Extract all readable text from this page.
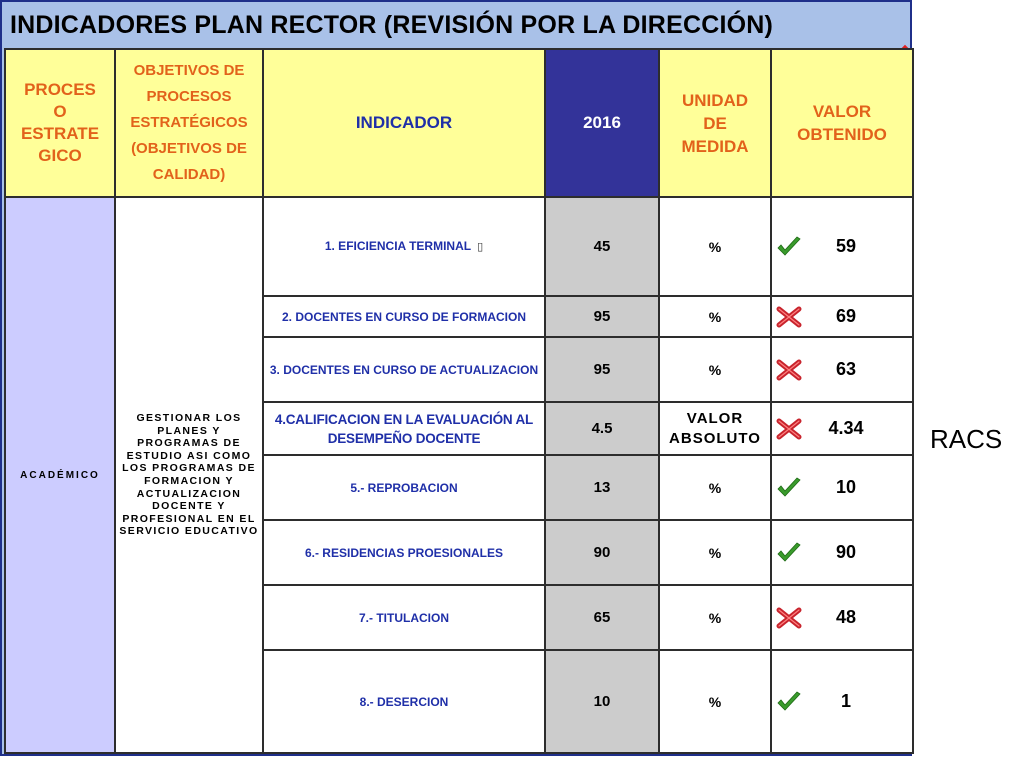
INDICADORES PLAN RECTOR (REVISIÓN POR LA DIRECCIÓN)
PROCES
O
ESTRATE
GICO	OBJETIVOS DE
PROCESOS
ESTRATÉGICOS
(OBJETIVOS DE
CALIDAD)	INDICADOR	2016	UNIDAD
DE
MEDIDA	VALOR
OBTENIDO
ACADÉMICO	GESTIONAR LOS PLANES Y PROGRAMAS DE ESTUDIO ASI COMO LOS PROGRAMAS DE FORMACION Y ACTUALIZACION DOCENTE Y PROFESIONAL EN EL SERVICIO EDUCATIVO	1. EFICIENCIA TERMINAL ▯	45	%	59

		2. DOCENTES EN CURSO DE FORMACION	95	%	69

		3. DOCENTES EN CURSO DE ACTUALIZACION	95	%	63

		4.CALIFICACION EN LA EVALUACIÓN AL DESEMPEÑO DOCENTE	4.5	VALOR ABSOLUTO	4.34

		5.- REPROBACION	13	%	10

		6.- RESIDENCIAS PROESIONALES	90	%	90

		7.- TITULACION	65	%	48

		8.- DESERCION	10	%	1
RACS
